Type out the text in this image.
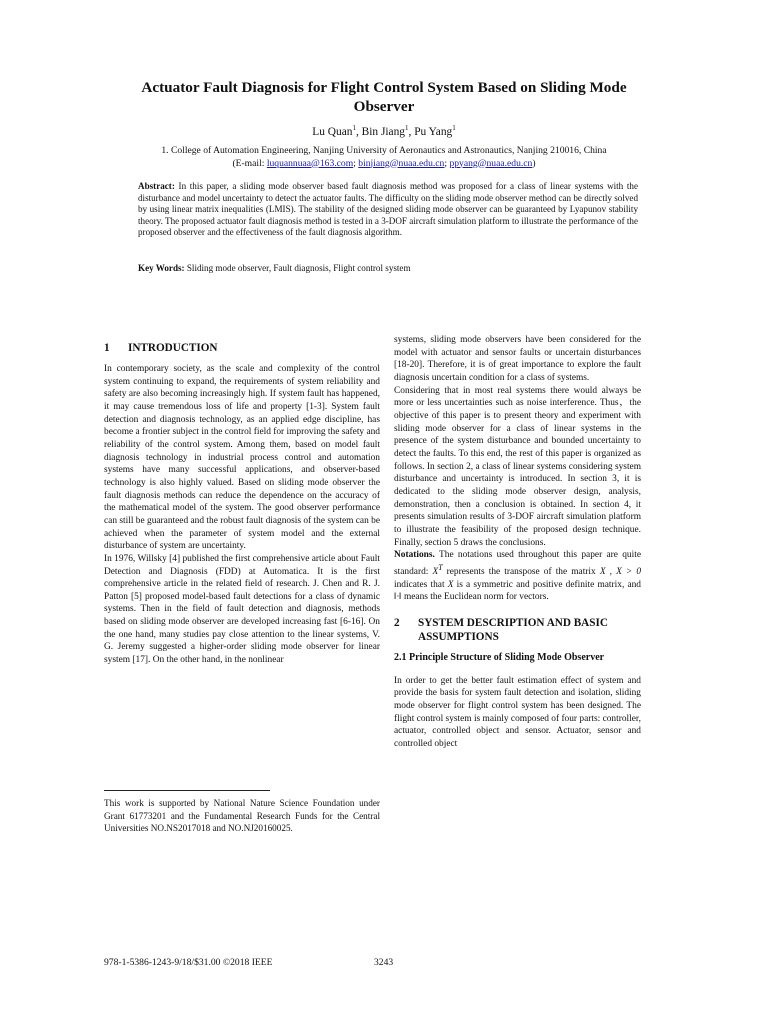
Actuator Fault Diagnosis for Flight Control System Based on Sliding Mode Observer
Lu Quan$^1$, Bin Jiang$^1$, Pu Yang$^1$
1. College of Automation Engineering, Nanjing University of Aeronautics and Astronautics, Nanjing 210016, China
(E-mail: luquannuaa@163.com; binjiang@nuaa.edu.cn; ppyang@nuaa.edu.cn)
Abstract: In this paper, a sliding mode observer based fault diagnosis method was proposed for a class of linear systems with the disturbance and model uncertainty to detect the actuator faults. The difficulty on the sliding mode observer method can be directly solved by using linear matrix inequalities (LMIS). The stability of the designed sliding mode observer can be guaranteed by Lyapunov stability theory. The proposed actuator fault diagnosis method is tested in a 3-DOF aircraft simulation platform to illustrate the performance of the proposed observer and the effectiveness of the fault diagnosis algorithm.
Key Words: Sliding mode observer, Fault diagnosis, Flight control system
1	INTRODUCTION

In contemporary society, as the scale and complexity of the control system continuing to expand, the requirements of system reliability and safety are also becoming increasingly high. If system fault has happened, it may cause tremendous loss of life and property [1-3]. System fault detection and diagnosis technology, as an applied edge discipline, has become a frontier subject in the control field for improving the safety and reliability of the control system. Among them, based on model fault diagnosis technology in industrial process control and automation systems have many successful applications, and observer-based technology is also highly valued. Based on sliding mode observer the fault diagnosis methods can reduce the dependence on the accuracy of the mathematical model of the system. The good observer performance can still be guaranteed and the robust fault diagnosis of the system can be achieved when the parameter of system model and the external disturbance of system are uncertainty.

In 1976, Willsky [4] published the first comprehensive article about Fault Detection and Diagnosis (FDD) at Automatica. It is the first comprehensive article in the related field of research. J. Chen and R. J. Patton [5] proposed model-based fault detections for a class of dynamic systems. Then in the field of fault detection and diagnosis, methods based on sliding mode observer are developed increasing fast [6-16]. On the one hand, many studies pay close attention to the linear systems, V. G. Jeremy suggested a higher-order sliding mode observer for linear system [17]. On the other hand, in the nonlinear

systems, sliding mode observers have been considered for the model with actuator and sensor faults or uncertain disturbances [18-20]. Therefore, it is of great importance to explore the fault diagnosis uncertain condition for a class of systems.

Considering that in most real systems there would always be more or less uncertainties such as noise interference. Thus，the objective of this paper is to present theory and experiment with sliding mode observer for a class of linear systems in the presence of the system disturbance and bounded uncertainty to detect the faults. To this end, the rest of this paper is organized as follows. In section 2, a class of linear systems considering system disturbance and uncertainty is introduced. In section 3, it is dedicated to the sliding mode observer design, analysis, demonstration, then a conclusion is obtained. In section 4, it presents simulation results of 3-DOF aircraft simulation platform to illustrate the feasibility of the proposed design technique. Finally, section 5 draws the conclusions.

Notations. The notations used throughout this paper are quite standard: $X^T$ represents the transpose of the matrix X , X > 0 indicates that X is a symmetric and positive definite matrix, and ‖·‖ means the Euclidean norm for vectors.

2	SYSTEM DESCRIPTION AND BASIC ASSUMPTIONS
2.1 Principle Structure of Sliding Mode Observer

In order to get the better fault estimation effect of system and provide the basis for system fault detection and isolation, sliding mode observer for flight control system has been designed. The flight control system is mainly composed of four parts: controller, actuator, controlled object and sensor. Actuator, sensor and controlled object

This work is supported by National Nature Science Foundation under Grant 61773201 and the Fundamental Research Funds for the Central Universities NO.NS2017018 and NO.NJ20160025.
978-1-5386-1243-9/18/$31.00 ©2018 IEEE	3243
